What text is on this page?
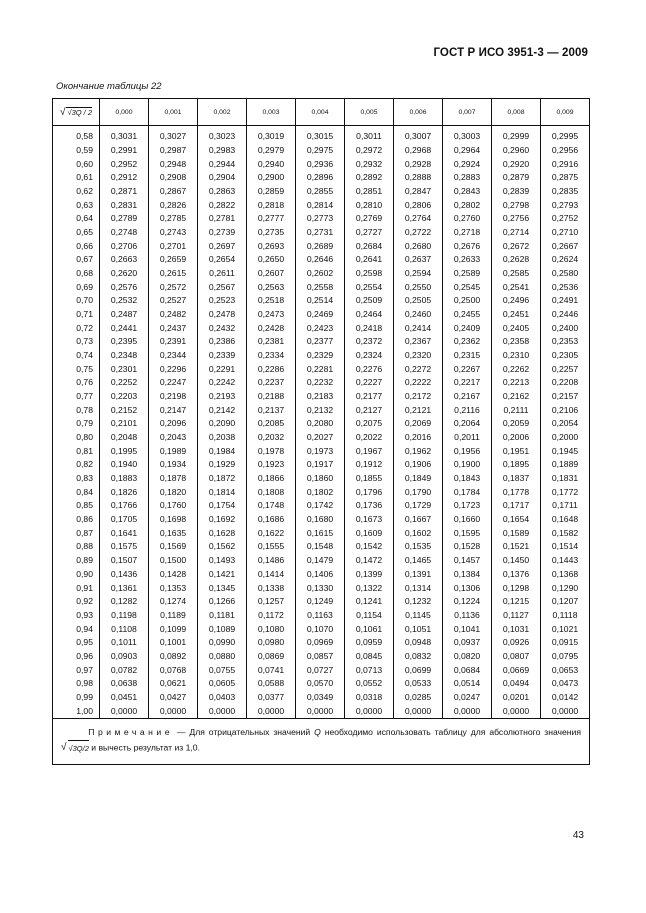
ГОСТ Р ИСО 3951-3 — 2009
Окончание таблицы 22
√ √3Q / 2	0,000	0,001	0,002	0,003	0,004	0,005	0,006	0,007	0,008	0,009

0,58	0,3031	0,3027	0,3023	0,3019	0,3015	0,3011	0,3007	0,3003	0,2999	0,2995
0,59	0,2991	0,2987	0,2983	0,2979	0,2975	0,2972	0,2968	0,2964	0,2960	0,2956
0,60	0,2952	0,2948	0,2944	0,2940	0,2936	0,2932	0,2928	0,2924	0,2920	0,2916
0,61	0,2912	0,2908	0,2904	0,2900	0,2896	0,2892	0,2888	0,2883	0,2879	0,2875
0,62	0,2871	0,2867	0,2863	0,2859	0,2855	0,2851	0,2847	0,2843	0,2839	0,2835
0,63	0,2831	0,2826	0,2822	0,2818	0,2814	0,2810	0,2806	0,2802	0,2798	0,2793
0,64	0,2789	0,2785	0,2781	0,2777	0,2773	0,2769	0,2764	0,2760	0,2756	0,2752
0,65	0,2748	0,2743	0,2739	0,2735	0,2731	0,2727	0,2722	0,2718	0,2714	0,2710
0,66	0,2706	0,2701	0,2697	0,2693	0,2689	0,2684	0,2680	0,2676	0,2672	0,2667
0,67	0,2663	0,2659	0,2654	0,2650	0,2646	0,2641	0,2637	0,2633	0,2628	0,2624
0,68	0,2620	0,2615	0,2611	0,2607	0,2602	0,2598	0,2594	0,2589	0,2585	0,2580
0,69	0,2576	0,2572	0,2567	0,2563	0,2558	0,2554	0,2550	0,2545	0,2541	0,2536
0,70	0,2532	0,2527	0,2523	0,2518	0,2514	0,2509	0,2505	0,2500	0,2496	0,2491
0,71	0,2487	0,2482	0,2478	0,2473	0,2469	0,2464	0,2460	0,2455	0,2451	0,2446
0,72	0,2441	0,2437	0,2432	0,2428	0,2423	0,2418	0,2414	0,2409	0,2405	0,2400
0,73	0,2395	0,2391	0,2386	0,2381	0,2377	0,2372	0,2367	0,2362	0,2358	0,2353
0,74	0,2348	0,2344	0,2339	0,2334	0,2329	0,2324	0,2320	0,2315	0,2310	0,2305
0,75	0,2301	0,2296	0,2291	0,2286	0,2281	0,2276	0,2272	0,2267	0,2262	0,2257
0,76	0,2252	0,2247	0,2242	0,2237	0,2232	0,2227	0,2222	0,2217	0,2213	0,2208
0,77	0,2203	0,2198	0,2193	0,2188	0,2183	0,2177	0,2172	0,2167	0,2162	0,2157
0,78	0,2152	0,2147	0,2142	0,2137	0,2132	0,2127	0,2121	0,2116	0,2111	0,2106
0,79	0,2101	0,2096	0,2090	0,2085	0,2080	0,2075	0,2069	0,2064	0,2059	0,2054
0,80	0,2048	0,2043	0,2038	0,2032	0,2027	0,2022	0,2016	0,2011	0,2006	0,2000
0,81	0,1995	0,1989	0,1984	0,1978	0,1973	0,1967	0,1962	0,1956	0,1951	0,1945
0,82	0,1940	0,1934	0,1929	0,1923	0,1917	0,1912	0,1906	0,1900	0,1895	0,1889
0,83	0,1883	0,1878	0,1872	0,1866	0,1860	0,1855	0,1849	0,1843	0,1837	0,1831
0,84	0,1826	0,1820	0,1814	0,1808	0,1802	0,1796	0,1790	0,1784	0,1778	0,1772
0,85	0,1766	0,1760	0,1754	0,1748	0,1742	0,1736	0,1729	0,1723	0,1717	0,1711
0,86	0,1705	0,1698	0,1692	0,1686	0,1680	0,1673	0,1667	0,1660	0,1654	0,1648
0,87	0,1641	0,1635	0,1628	0,1622	0,1615	0,1609	0,1602	0,1595	0,1589	0,1582
0,88	0,1575	0,1569	0,1562	0,1555	0,1548	0,1542	0,1535	0,1528	0,1521	0,1514
0,89	0,1507	0,1500	0,1493	0,1486	0,1479	0,1472	0,1465	0,1457	0,1450	0,1443
0,90	0,1436	0,1428	0,1421	0,1414	0,1406	0,1399	0,1391	0,1384	0,1376	0,1368
0,91	0,1361	0,1353	0,1345	0,1338	0,1330	0,1322	0,1314	0,1306	0,1298	0,1290
0,92	0,1282	0,1274	0,1266	0,1257	0,1249	0,1241	0,1232	0,1224	0,1215	0,1207
0,93	0,1198	0,1189	0,1181	0,1172	0,1163	0,1154	0,1145	0,1136	0,1127	0,1118
0,94	0,1108	0,1099	0,1089	0,1080	0,1070	0,1061	0,1051	0,1041	0,1031	0,1021
0,95	0,1011	0,1001	0,0990	0,0980	0,0969	0,0959	0,0948	0,0937	0,0926	0,0915
0,96	0,0903	0,0892	0,0880	0,0869	0,0857	0,0845	0,0832	0,0820	0,0807	0,0795
0,97	0,0782	0,0768	0,0755	0,0741	0,0727	0,0713	0,0699	0,0684	0,0669	0,0653
0,98	0,0638	0,0621	0,0605	0,0588	0,0570	0,0552	0,0533	0,0514	0,0494	0,0473
0,99	0,0451	0,0427	0,0403	0,0377	0,0349	0,0318	0,0285	0,0247	0,0201	0,0142
1,00	0,0000	0,0000	0,0000	0,0000	0,0000	0,0000	0,0000	0,0000	0,0000	0,0000
Примечание — Для отрицательных значений Q необходимо использовать таблицу для абсолютного значения
√ √3Q/2 и вычесть результат из 1,0.										
43
